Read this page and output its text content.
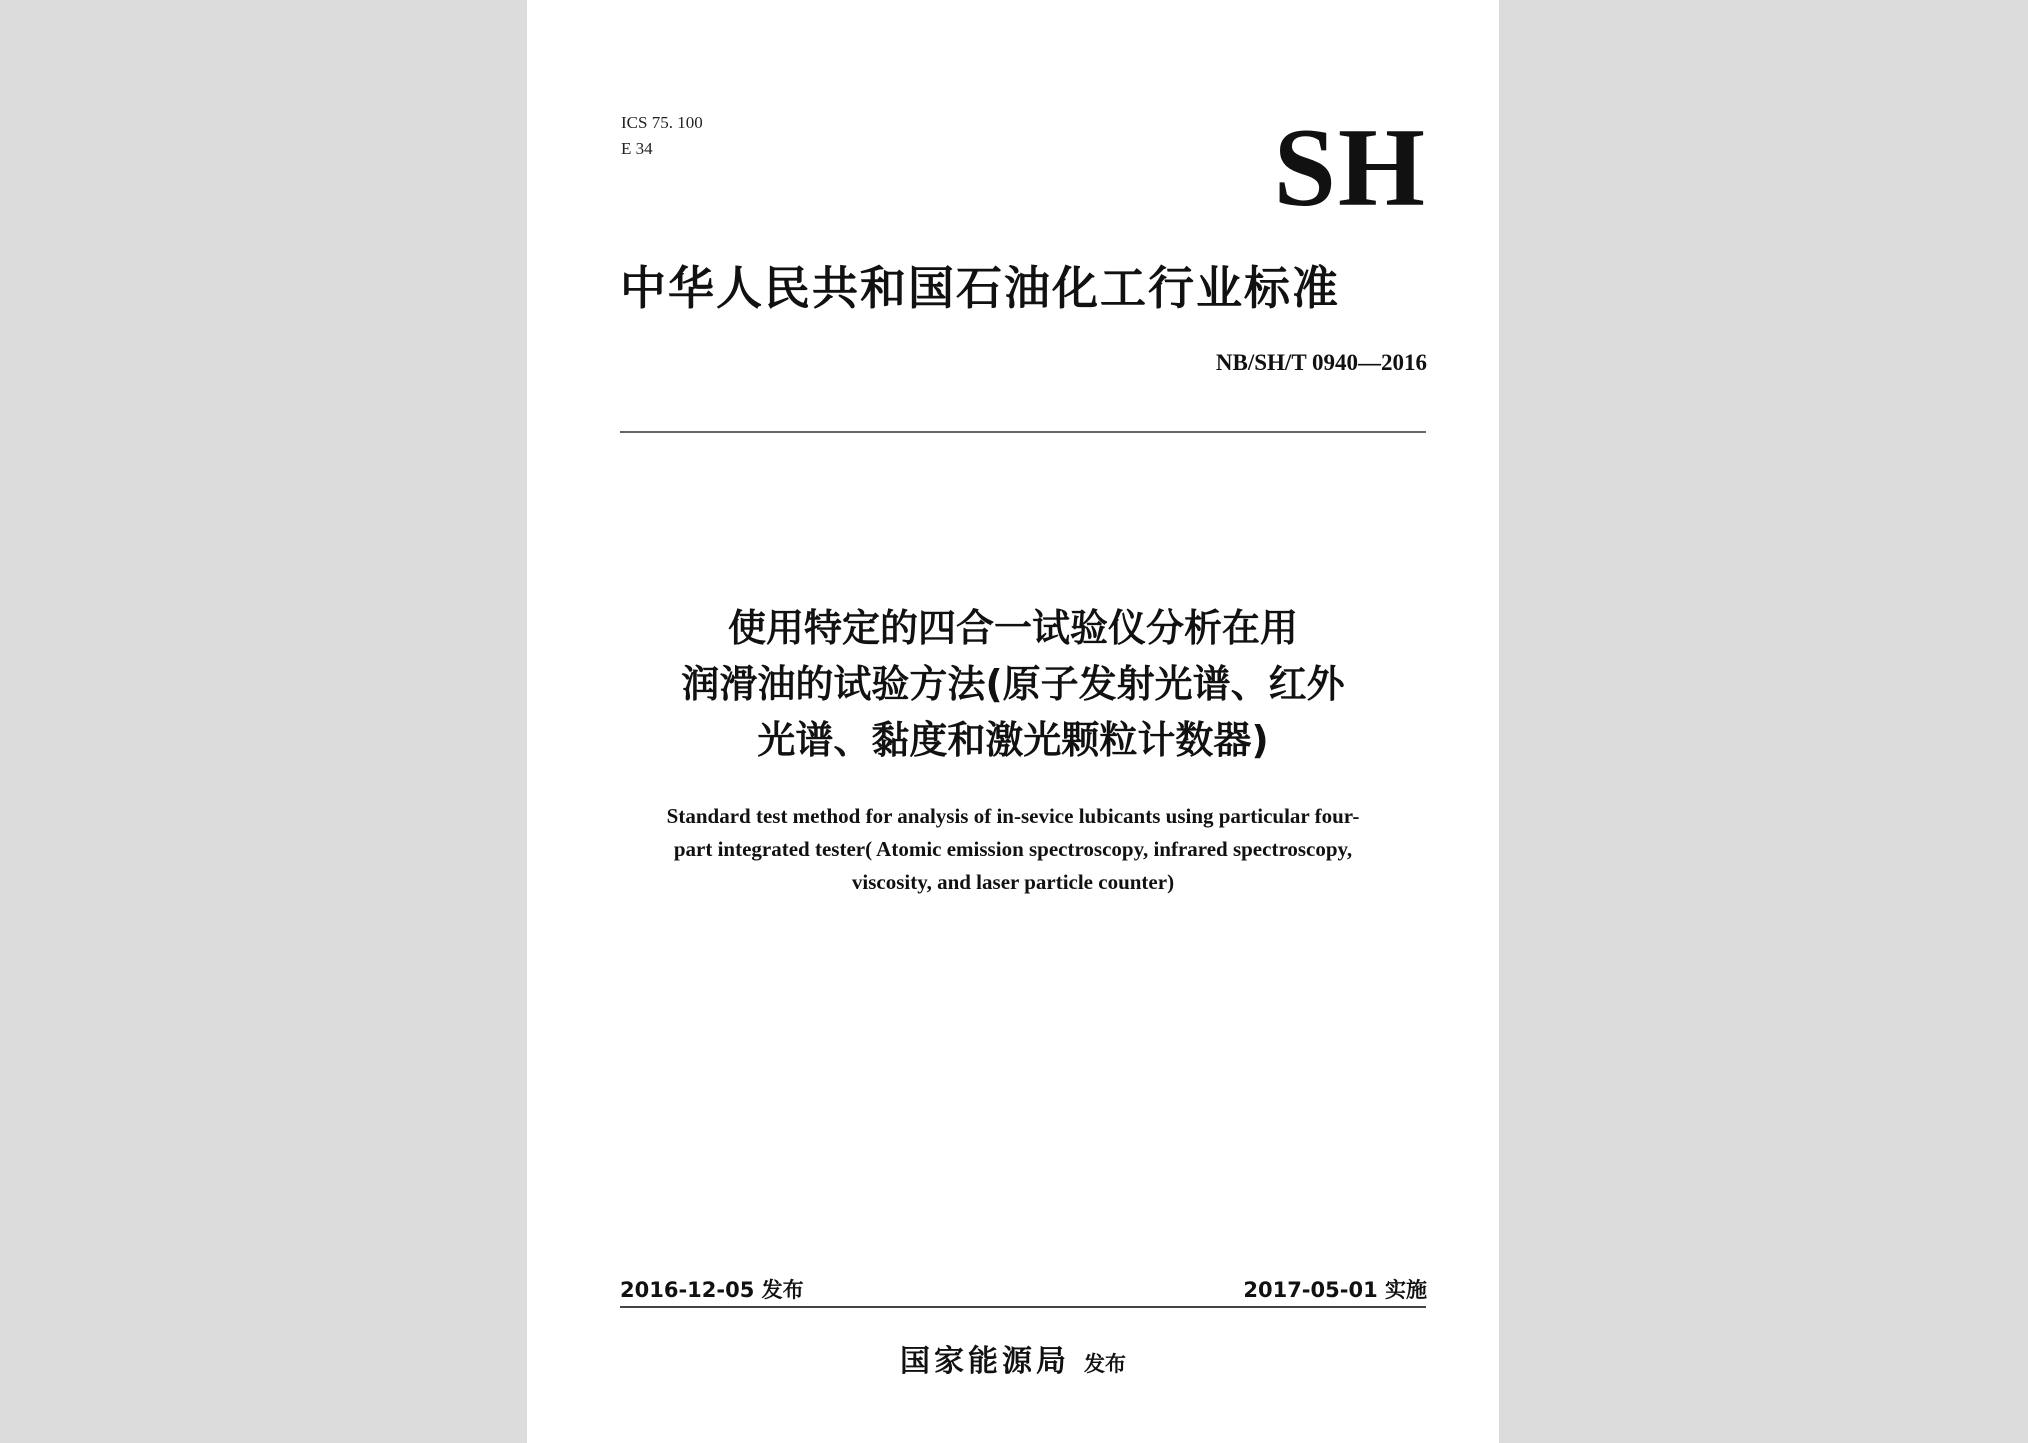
ICS 75. 100
E 34	SH
中华人民共和国石油化工行业标准
NB/SH/T 0940—2016
使用特定的四合一试验仪分析在用
润滑油的试验方法(原子发射光谱、红外
光谱、黏度和激光颗粒计数器)
Standard test method for analysis of in-sevice lubicants using particular four-
part integrated tester( Atomic emission spectroscopy, infrared spectroscopy,
viscosity, and laser particle counter)
2016-12-05 发布	2017-05-01 实施
国家能源局 发布
